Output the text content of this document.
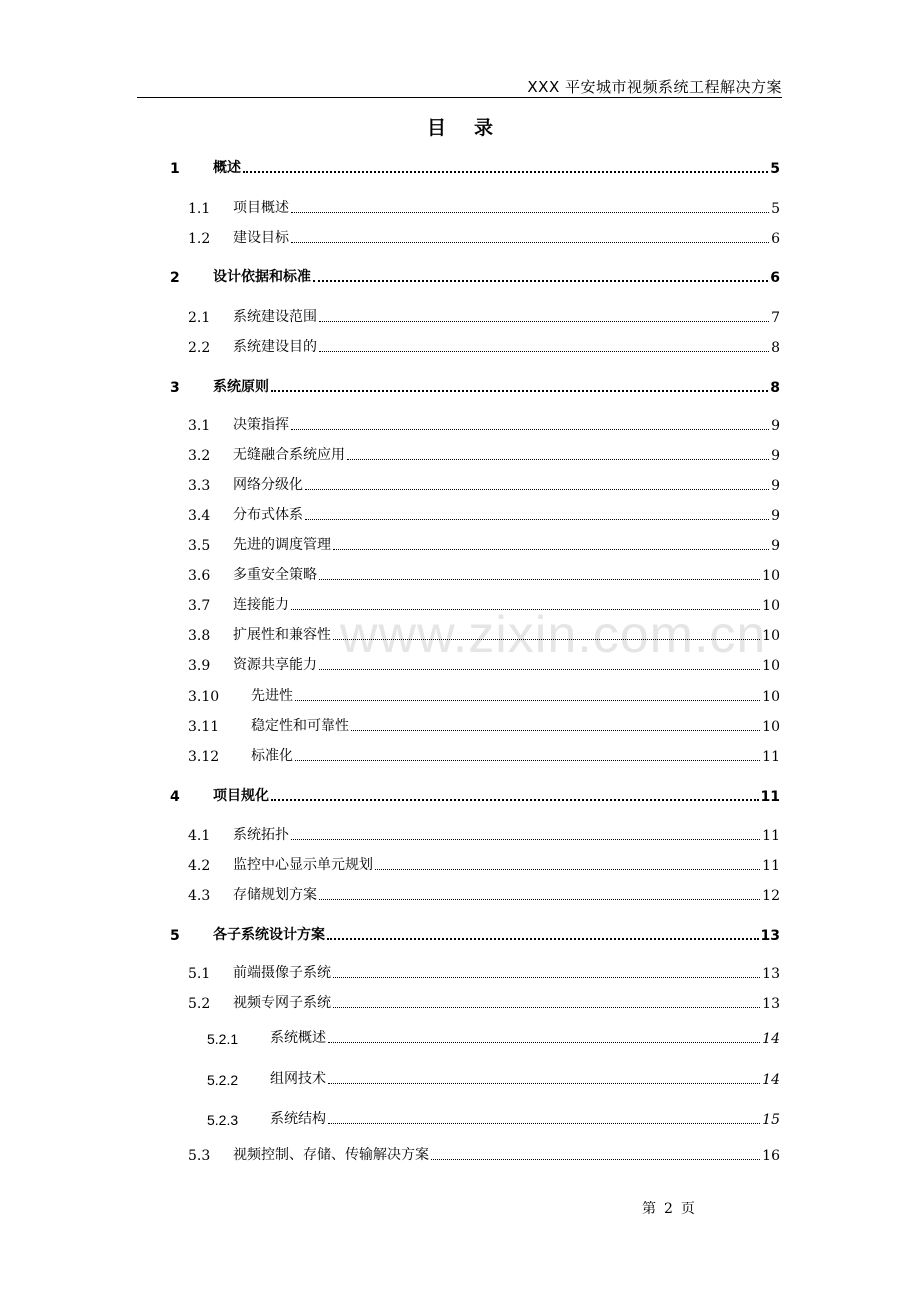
XXX 平安城市视频系统工程解决方案
目录
www.zixin.com.cn
1 概述	5
1.1 项目概述	5
1.2 建设目标	6
2 设计依据和标准	6
2.1 系统建设范围	7
2.2 系统建设目的	8
3 系统原则	8
3.1 决策指挥	9
3.2 无缝融合系统应用	9
3.3 网络分级化	9
3.4 分布式体系	9
3.5 先进的调度管理	9
3.6 多重安全策略	10
3.7 连接能力	10
3.8 扩展性和兼容性	10
3.9 资源共享能力	10
3.10 先进性	10
3.11 稳定性和可靠性	10
3.12 标准化	11
4 项目规化	11
4.1 系统拓扑	11
4.2 监控中心显示单元规划	11
4.3 存储规划方案	12
5 各子系统设计方案	13
5.1 前端摄像子系统	13
5.2 视频专网子系统	13
5.2.1 系统概述	14
5.2.2 组网技术	14
5.2.3 系统结构	15
5.3 视频控制、存储、传输解决方案	16
第 2 页
